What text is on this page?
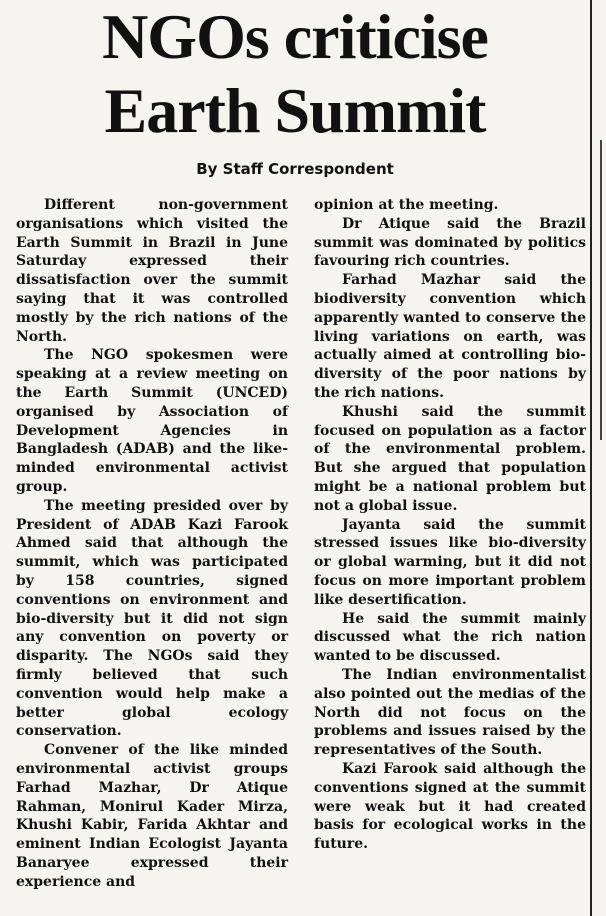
NGOs criticise
Earth Summit
By Staff Correspondent

Different non-government organisations which visited the Earth Summit in Brazil in June Saturday expressed their dissatisfaction over the summit saying that it was controlled mostly by the rich nations of the North.

The NGO spokesmen were speaking at a review meeting on the Earth Summit (UNCED) organised by Association of Development Agencies in Bangladesh (ADAB) and the like-minded environmental activist group.

The meeting presided over by President of ADAB Kazi Farook Ahmed said that although the summit, which was participated by 158 countries, signed conventions on environment and bio-diversity but it did not sign any convention on poverty or disparity. The NGOs said they firmly believed that such convention would help make a better global ecology conservation.

Convener of the like minded environmental activist groups Farhad Mazhar, Dr Atique Rahman, Monirul Kader Mirza, Khushi Kabir, Farida Akhtar and eminent Indian Ecologist Jayanta Banaryee expressed their experience and

opinion at the meeting.

Dr Atique said the Brazil summit was dominated by politics favouring rich countries.

Farhad Mazhar said the biodiversity convention which apparently wanted to conserve the living variations on earth, was actually aimed at controlling bio-diversity of the poor nations by the rich nations.

Khushi said the summit focused on population as a factor of the environmental problem. But she argued that population might be a national problem but not a global issue.

Jayanta said the summit stressed issues like bio-diversity or global warming, but it did not focus on more important problem like desertification.

He said the summit mainly discussed what the rich nation wanted to be discussed.

The Indian environmentalist also pointed out the medias of the North did not focus on the problems and issues raised by the representatives of the South.

Kazi Farook said although the conventions signed at the summit were weak but it had created basis for ecological works in the future.
